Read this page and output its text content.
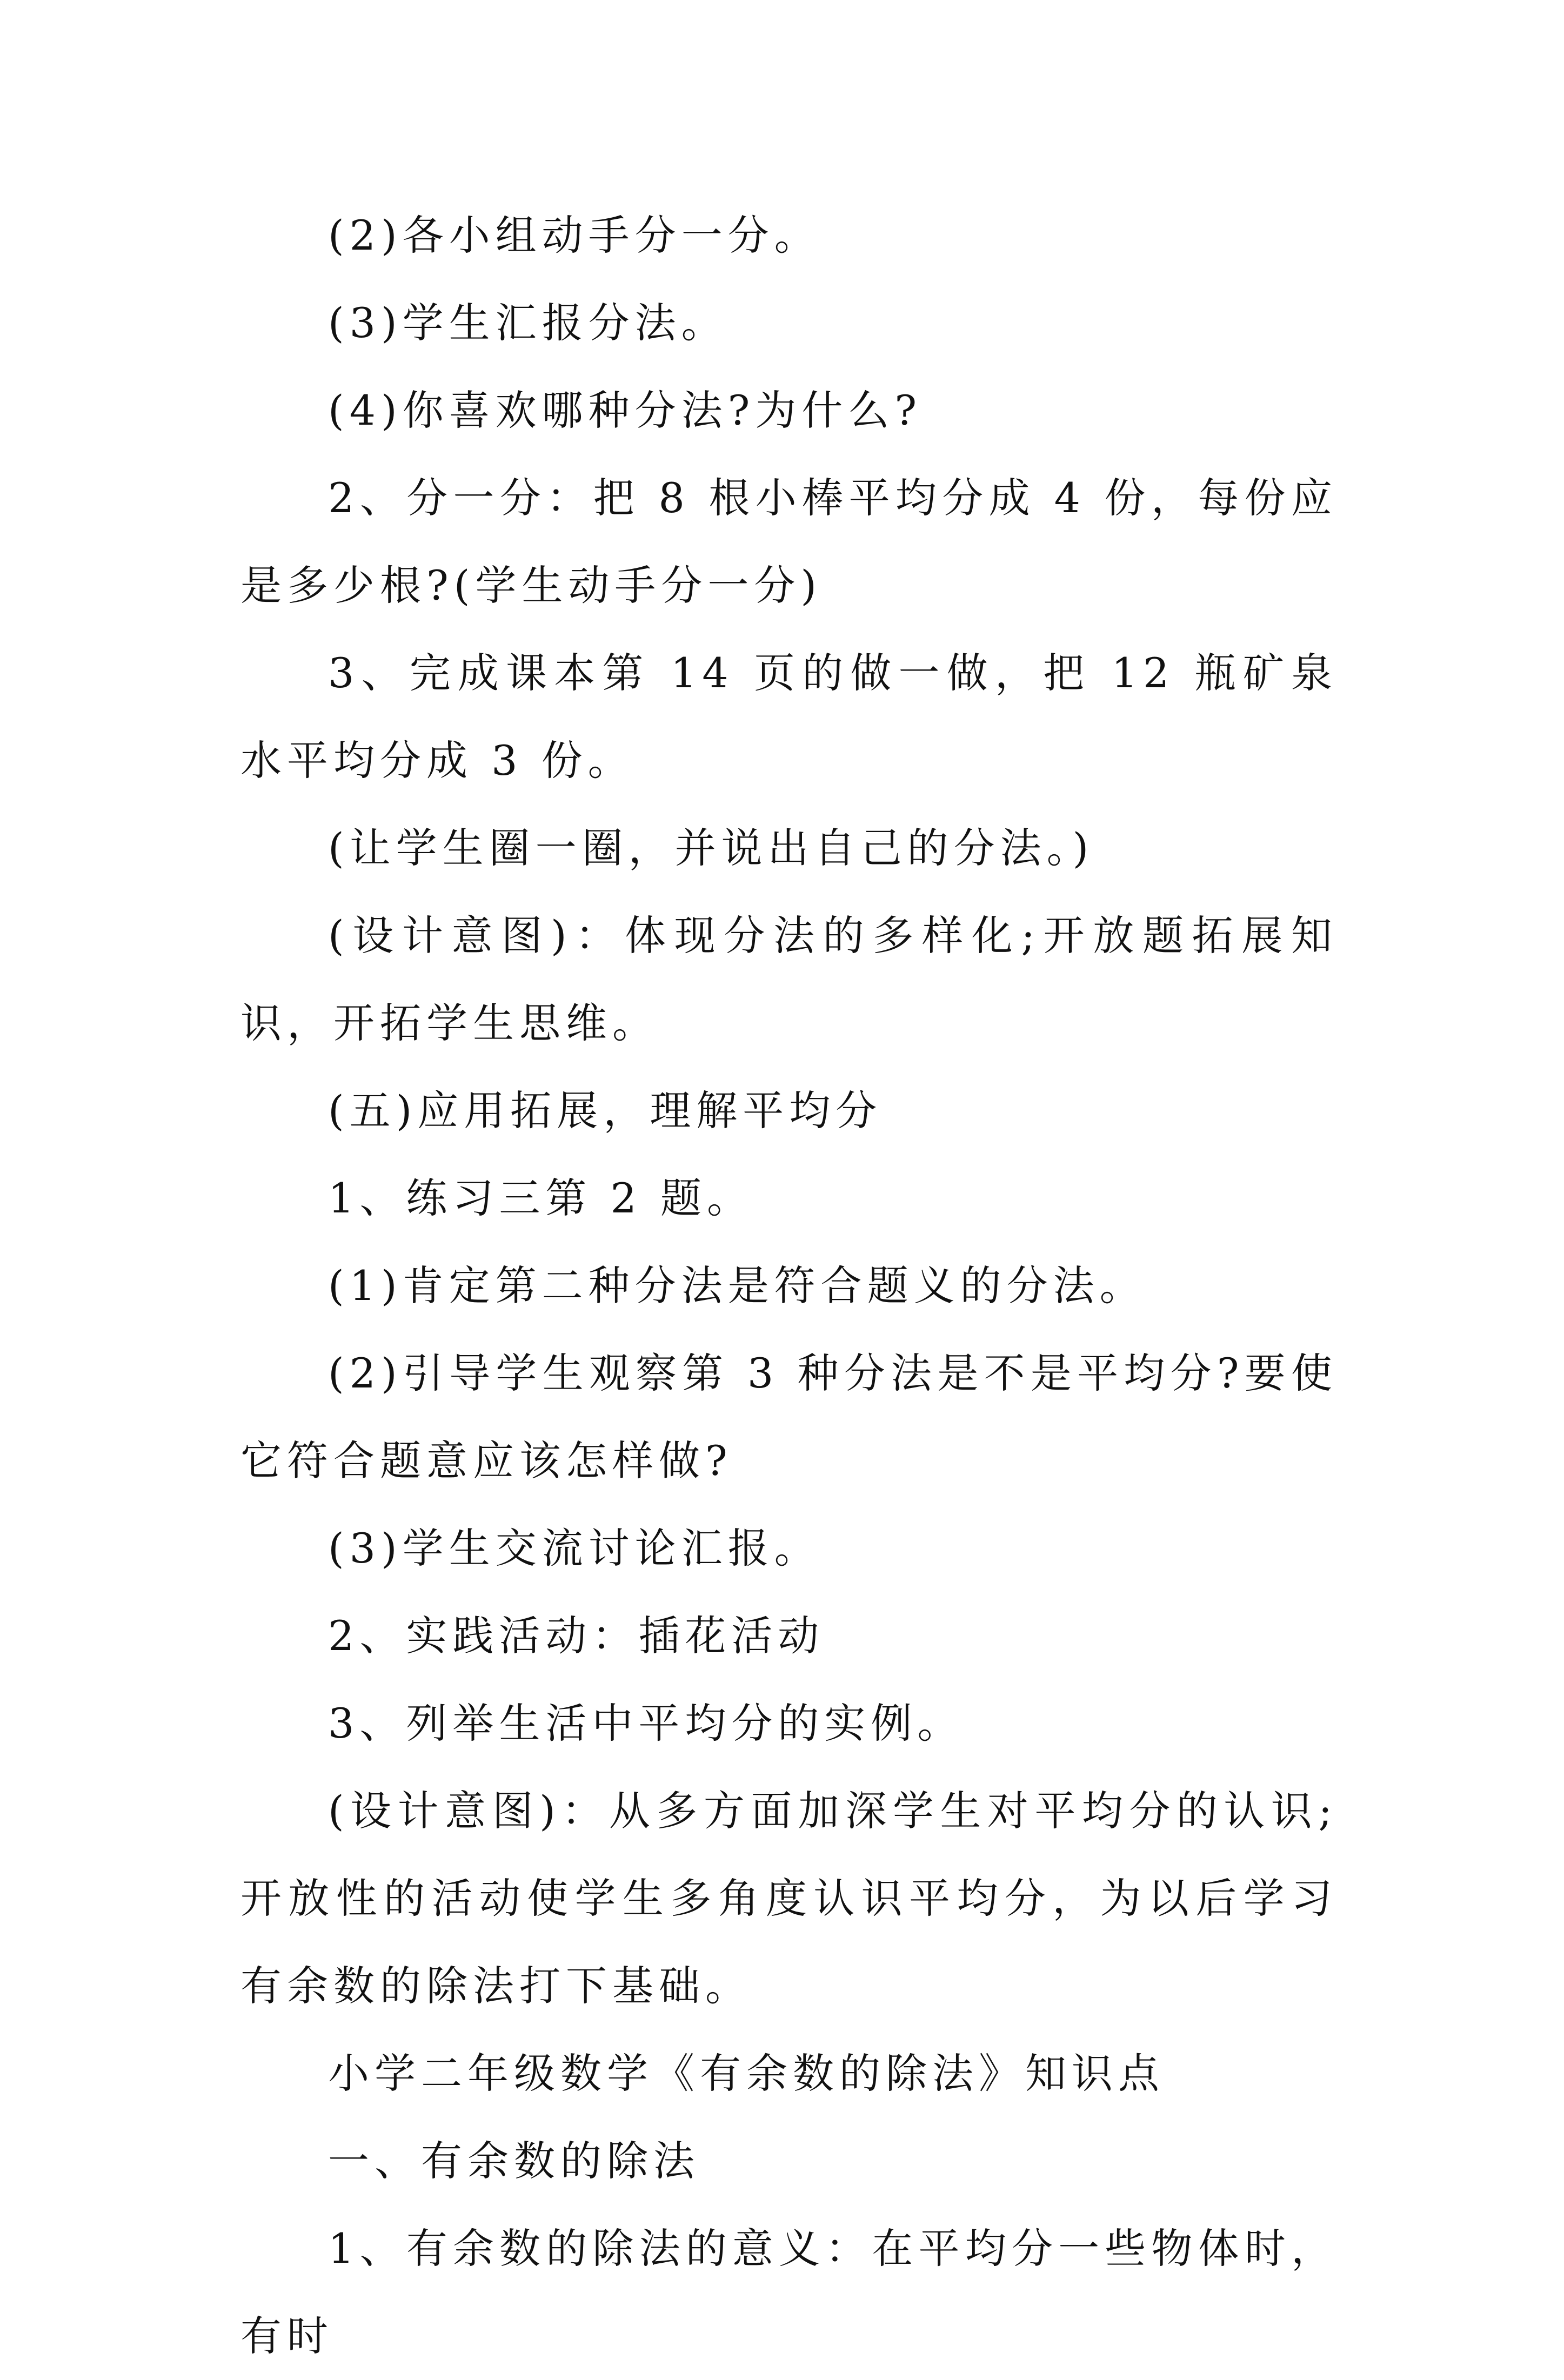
(2)各小组动手分一分。

(3)学生汇报分法。

(4)你喜欢哪种分法?为什么?

2、分一分：把 8 根小棒平均分成 4 份，每份应是多少根?(学生动手分一分)

3、完成课本第 14 页的做一做，把 12 瓶矿泉水平均分成 3 份。

(让学生圈一圈，并说出自己的分法。)

(设计意图)：体现分法的多样化;开放题拓展知识，开拓学生思维。

(五)应用拓展，理解平均分

1、练习三第 2 题。

(1)肯定第二种分法是符合题义的分法。

(2)引导学生观察第 3 种分法是不是平均分?要使它符合题意应该怎样做?

(3)学生交流讨论汇报。

2、实践活动：插花活动

3、列举生活中平均分的实例。

(设计意图)：从多方面加深学生对平均分的认识;开放性的活动使学生多角度认识平均分，为以后学习有余数的除法打下基础。

小学二年级数学《有余数的除法》知识点

一、有余数的除法

1、有余数的除法的意义：在平均分一些物体时，有时
